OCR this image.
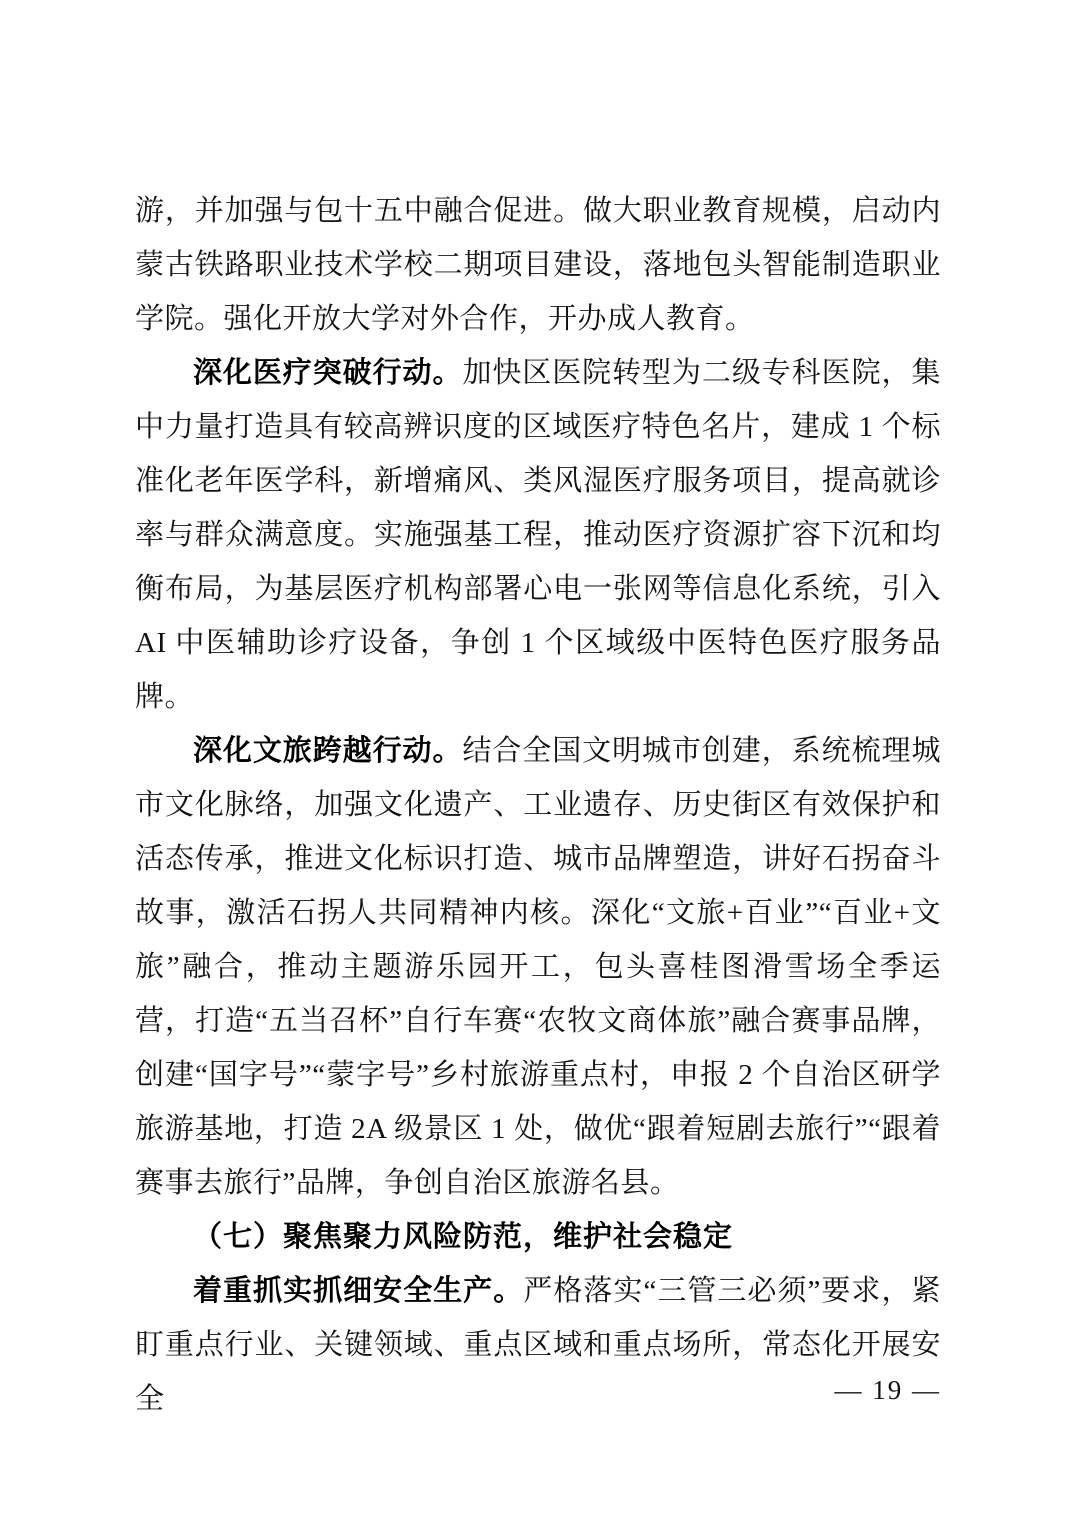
游，并加强与包十五中融合促进。做大职业教育规模，启动内蒙古铁路职业技术学校二期项目建设，落地包头智能制造职业学院。强化开放大学对外合作，开办成人教育。

深化医疗突破行动。加快区医院转型为二级专科医院，集中力量打造具有较高辨识度的区域医疗特色名片，建成 1 个标准化老年医学科，新增痛风、类风湿医疗服务项目，提高就诊率与群众满意度。实施强基工程，推动医疗资源扩容下沉和均衡布局，为基层医疗机构部署心电一张网等信息化系统，引入 AI 中医辅助诊疗设备，争创 1 个区域级中医特色医疗服务品牌。

深化文旅跨越行动。结合全国文明城市创建，系统梳理城市文化脉络，加强文化遗产、工业遗存、历史街区有效保护和活态传承，推进文化标识打造、城市品牌塑造，讲好石拐奋斗故事，激活石拐人共同精神内核。深化“文旅+百业”“百业+文旅”融合，推动主题游乐园开工，包头喜桂图滑雪场全季运营，打造“五当召杯”自行车赛“农牧文商体旅”融合赛事品牌，创建“国字号”“蒙字号”乡村旅游重点村，申报 2 个自治区研学旅游基地，打造 2A 级景区 1 处，做优“跟着短剧去旅行”“跟着赛事去旅行”品牌，争创自治区旅游名县。

（七）聚焦聚力风险防范，维护社会稳定

着重抓实抓细安全生产。严格落实“三管三必须”要求，紧盯重点行业、关键领域、重点区域和重点场所，常态化开展安全	— 19 —
